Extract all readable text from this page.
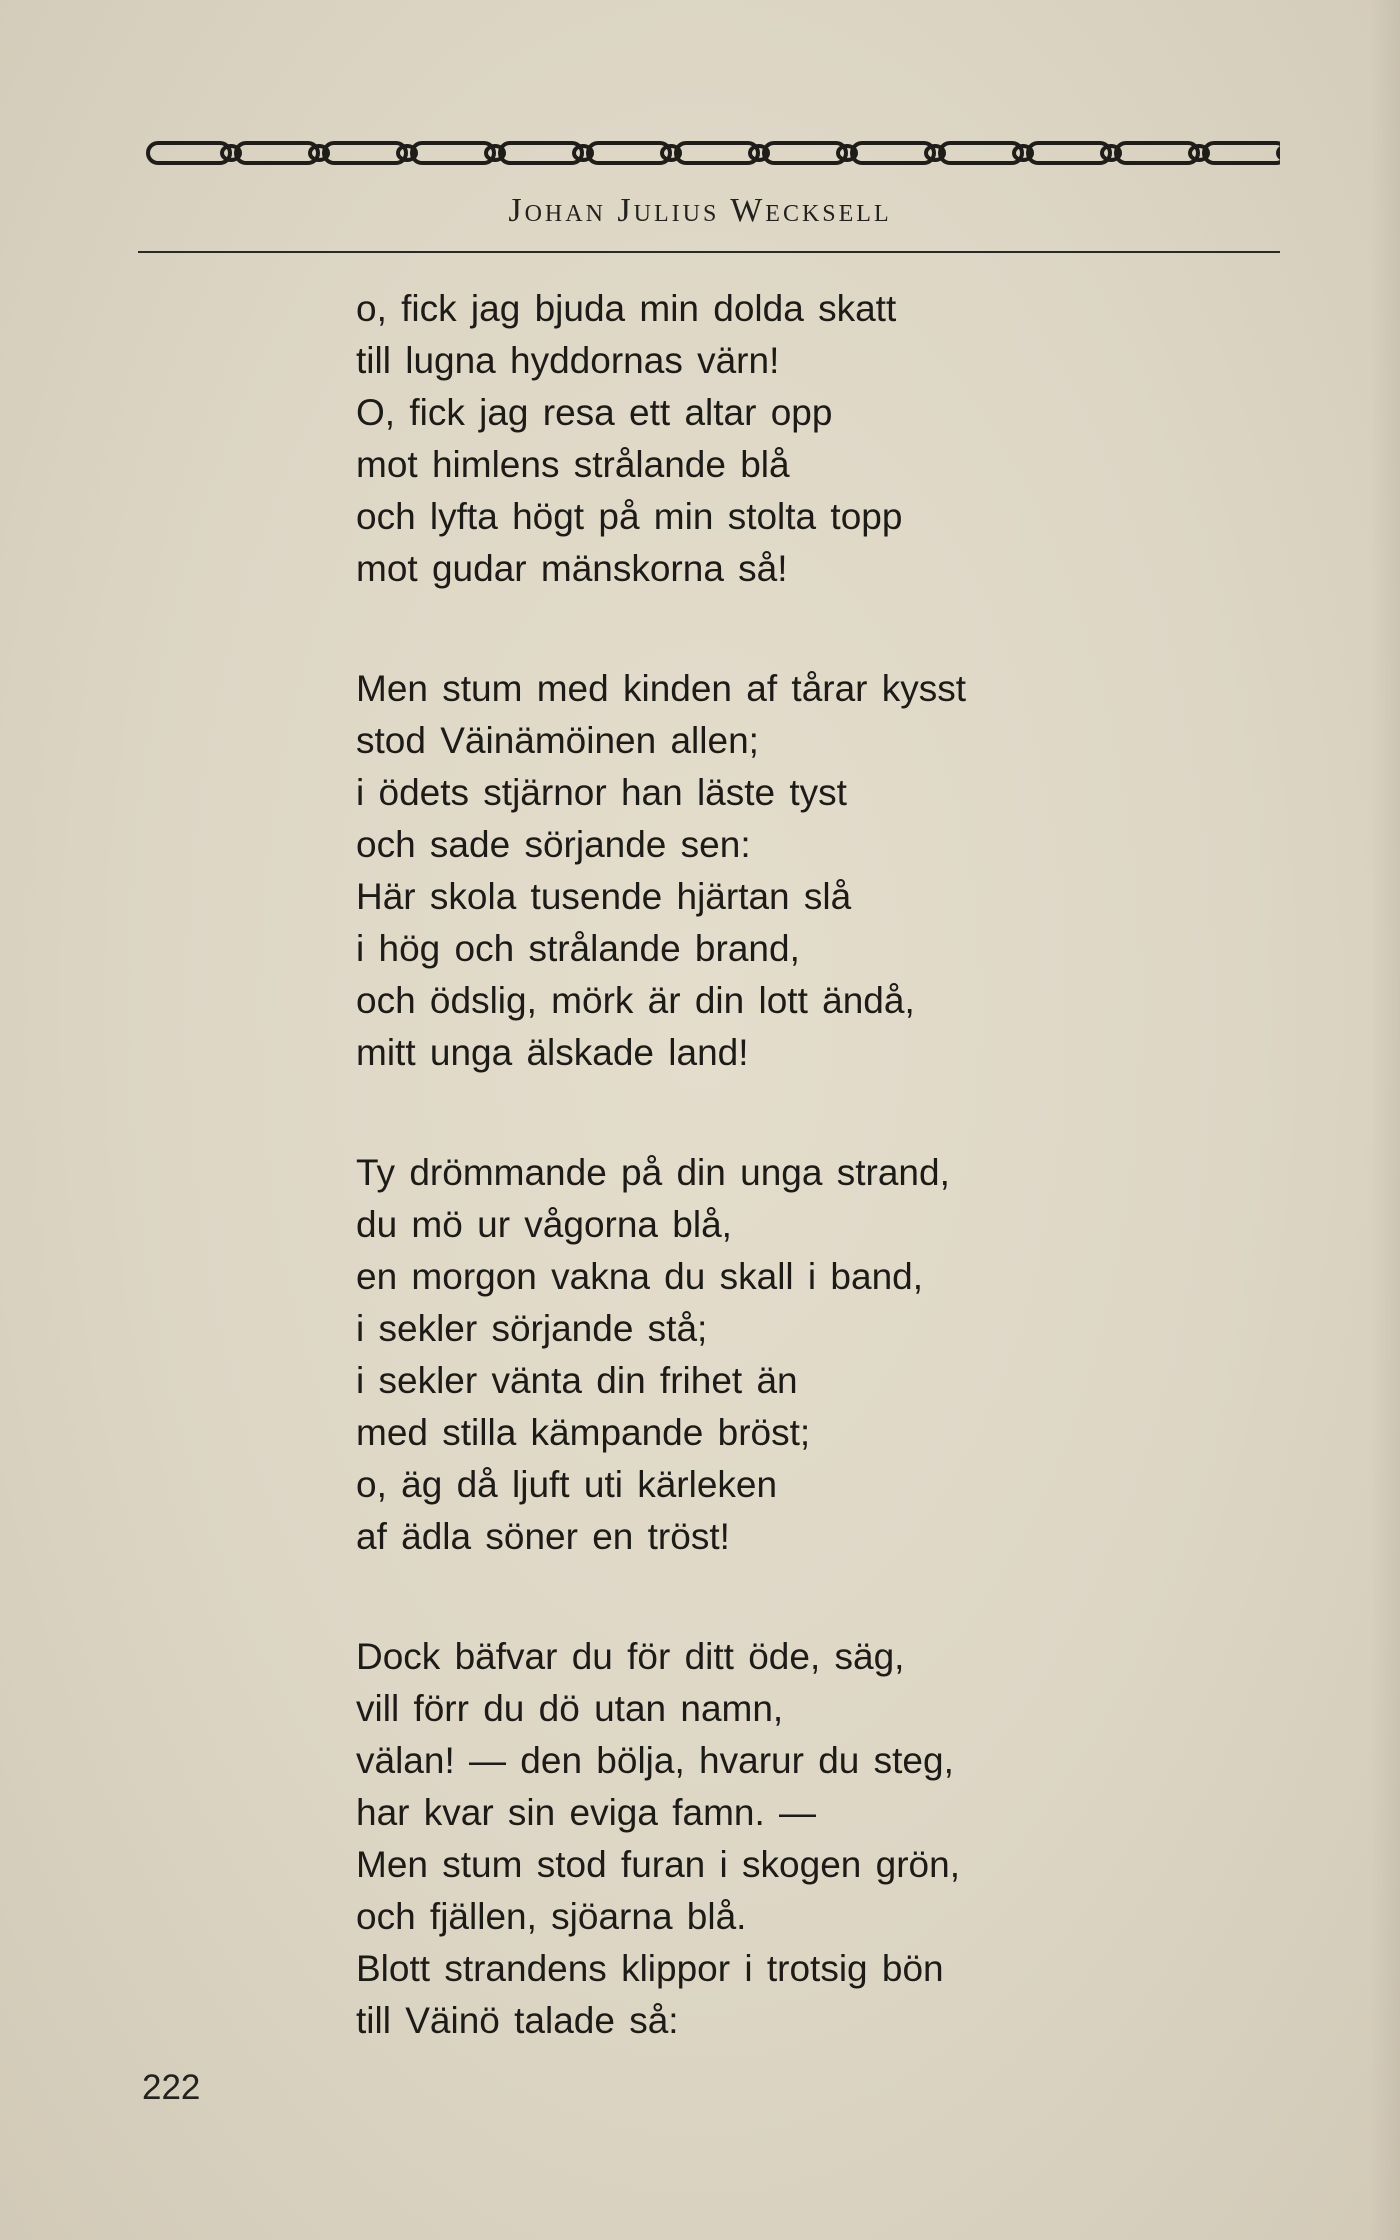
Johan Julius Wecksell
o, fick jag bjuda min dolda skatt
till lugna hyddornas värn!
O, fick jag resa ett altar opp
mot himlens strålande blå
och lyfta högt på min stolta topp
mot gudar mänskorna så!
Men stum med kinden af tårar kysst
stod Väinämöinen allen;
i ödets stjärnor han läste tyst
och sade sörjande sen:
Här skola tusende hjärtan slå
i hög och strålande brand,
och ödslig, mörk är din lott ändå,
mitt unga älskade land!
Ty drömmande på din unga strand,
du mö ur vågorna blå,
en morgon vakna du skall i band,
i sekler sörjande stå;
i sekler vänta din frihet än
med stilla kämpande bröst;
o, äg då ljuft uti kärleken
af ädla söner en tröst!
Dock bäfvar du för ditt öde, säg,
vill förr du dö utan namn,
välan! — den bölja, hvarur du steg,
har kvar sin eviga famn. —
Men stum stod furan i skogen grön,
och fjällen, sjöarna blå.
Blott strandens klippor i trotsig bön
till Väinö talade så:
222
